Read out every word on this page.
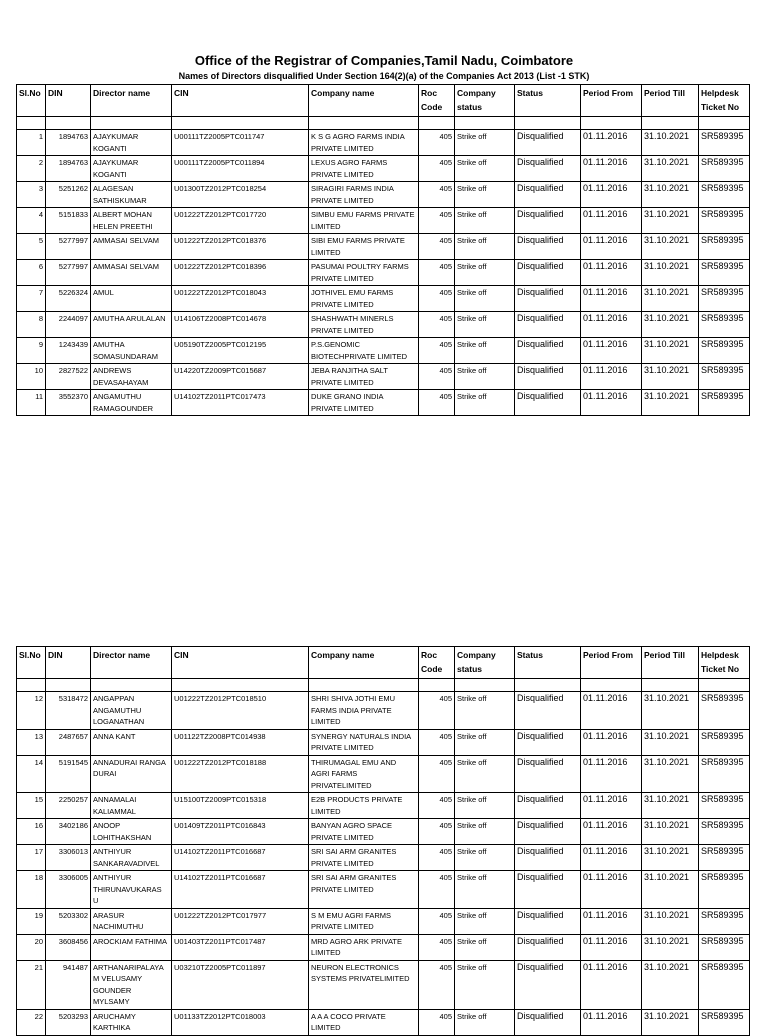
Office of the Registrar of Companies,Tamil Nadu, Coimbatore
Names of Directors disqualified Under Section 164(2)(a) of the Companies Act 2013 (List -1 STK)
Sl.No	DIN	Director name	CIN	Company name	Roc Code	Company status	Status	Period From	Period Till	Helpdesk Ticket No

1	1894763	AJAYKUMAR KOGANTI	U00111TZ2005PTC011747	K S G AGRO FARMS INDIA PRIVATE LIMITED	405	Strike off	Disqualified	01.11.2016	31.10.2021	SR589395
2	1894763	AJAYKUMAR KOGANTI	U00111TZ2005PTC011894	LEXUS AGRO FARMS PRIVATE LIMITED	405	Strike off	Disqualified	01.11.2016	31.10.2021	SR589395
3	5251262	ALAGESAN SATHISKUMAR	U01300TZ2012PTC018254	SIRAGIRI FARMS INDIA PRIVATE LIMITED	405	Strike off	Disqualified	01.11.2016	31.10.2021	SR589395
4	5151833	ALBERT MOHAN HELEN PREETHI	U01222TZ2012PTC017720	SIMBU EMU FARMS PRIVATE LIMITED	405	Strike off	Disqualified	01.11.2016	31.10.2021	SR589395
5	5277997	AMMASAI SELVAM	U01222TZ2012PTC018376	SIBI EMU FARMS PRIVATE LIMITED	405	Strike off	Disqualified	01.11.2016	31.10.2021	SR589395
6	5277997	AMMASAI SELVAM	U01222TZ2012PTC018396	PASUMAI POULTRY FARMS PRIVATE LIMITED	405	Strike off	Disqualified	01.11.2016	31.10.2021	SR589395
7	5226324	AMUL	U01222TZ2012PTC018043	JOTHIVEL EMU FARMS PRIVATE LIMITED	405	Strike off	Disqualified	01.11.2016	31.10.2021	SR589395
8	2244097	AMUTHA ARULALAN	U14106TZ2008PTC014678	SHASHWATH MINERLS PRIVATE LIMITED	405	Strike off	Disqualified	01.11.2016	31.10.2021	SR589395
9	1243439	AMUTHA SOMASUNDARAM	U05190TZ2005PTC012195	P.S.GENOMIC BIOTECHPRIVATE LIMITED	405	Strike off	Disqualified	01.11.2016	31.10.2021	SR589395
10	2827522	ANDREWS DEVASAHAYAM	U14220TZ2009PTC015687	JEBA RANJITHA SALT PRIVATE LIMITED	405	Strike off	Disqualified	01.11.2016	31.10.2021	SR589395
11	3552370	ANGAMUTHU RAMAGOUNDER	U14102TZ2011PTC017473	DUKE GRANO INDIA PRIVATE LIMITED	405	Strike off	Disqualified	01.11.2016	31.10.2021	SR589395
Sl.No	DIN	Director name	CIN	Company name	Roc Code	Company status	Status	Period From	Period Till	Helpdesk Ticket No

12	5318472	ANGAPPAN ANGAMUTHU LOGANATHAN	U01222TZ2012PTC018510	SHRI SHIVA JOTHI EMU FARMS INDIA PRIVATE LIMITED	405	Strike off	Disqualified	01.11.2016	31.10.2021	SR589395
13	2487657	ANNA KANT	U01122TZ2008PTC014938	SYNERGY NATURALS INDIA PRIVATE LIMITED	405	Strike off	Disqualified	01.11.2016	31.10.2021	SR589395
14	5191545	ANNADURAI RANGA DURAI	U01222TZ2012PTC018188	THIRUMAGAL EMU AND AGRI FARMS PRIVATELIMITED	405	Strike off	Disqualified	01.11.2016	31.10.2021	SR589395
15	2250257	ANNAMALAI KALIAMMAL	U15100TZ2009PTC015318	E2B PRODUCTS PRIVATE LIMITED	405	Strike off	Disqualified	01.11.2016	31.10.2021	SR589395
16	3402186	ANOOP LOHITHAKSHAN	U01409TZ2011PTC016843	BANYAN AGRO SPACE PRIVATE LIMITED	405	Strike off	Disqualified	01.11.2016	31.10.2021	SR589395
17	3306013	ANTHIYUR SANKARAVADIVEL	U14102TZ2011PTC016687	SRI SAI ARM GRANITES PRIVATE LIMITED	405	Strike off	Disqualified	01.11.2016	31.10.2021	SR589395
18	3306005	ANTHIYUR THIRUNAVUKARAS U	U14102TZ2011PTC016687	SRI SAI ARM GRANITES PRIVATE LIMITED	405	Strike off	Disqualified	01.11.2016	31.10.2021	SR589395
19	5203302	ARASUR NACHIMUTHU	U01222TZ2012PTC017977	S M EMU AGRI FARMS PRIVATE LIMITED	405	Strike off	Disqualified	01.11.2016	31.10.2021	SR589395
20	3608456	AROCKIAM FATHIMA	U01403TZ2011PTC017487	MRD AGRO ARK PRIVATE LIMITED	405	Strike off	Disqualified	01.11.2016	31.10.2021	SR589395
21	941487	ARTHANARIPALAYA M VELUSAMY GOUNDER MYLSAMY	U03210TZ2005PTC011897	NEURON ELECTRONICS SYSTEMS PRIVATELIMITED	405	Strike off	Disqualified	01.11.2016	31.10.2021	SR589395
22	5203293	ARUCHAMY KARTHIKA	U01133TZ2012PTC018003	A A A COCO PRIVATE LIMITED	405	Strike off	Disqualified	01.11.2016	31.10.2021	SR589395
